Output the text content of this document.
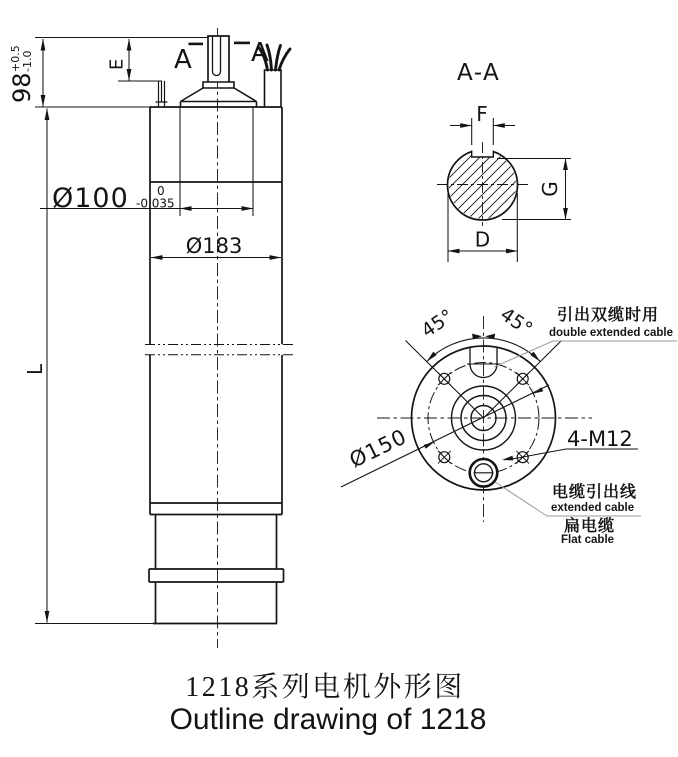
A A
98
+0.5 -1.0	E
L
Ø100 0
-0.035
Ø183
A-A
F
G
D
45° 45°
Ø150	4-M12
引出双缆时用
double extended cable
电缆引出线
extended cable
扁电缆
Flat cable
1218系列电机外形图
Outline drawing of 1218
